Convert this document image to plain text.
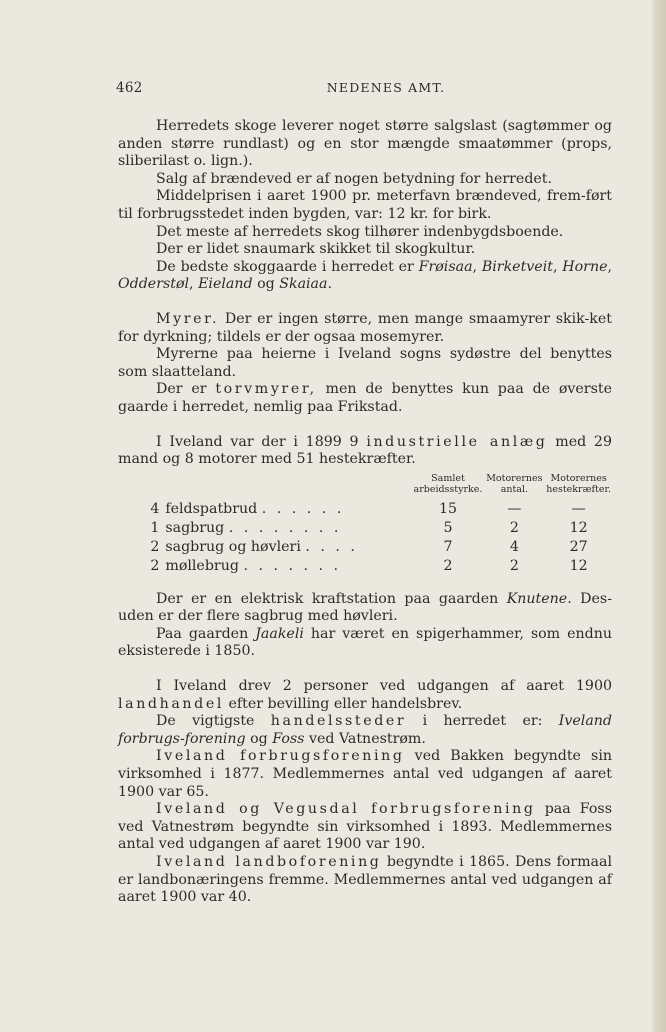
462	NEDENES AMT.

Herredets skoge leverer noget større salgslast (sagtømmer og anden større rundlast) og en stor mængde smaatømmer (props, sliberilast o. lign.).

Salg af brændeved er af nogen betydning for herredet.

Middelprisen i aaret 1900 pr. meterfavn brændeved, frem-ført til forbrugsstedet inden bygden, var: 12 kr. for birk.

Det meste af herredets skog tilhører indenbygdsboende.

Der er lidet snaumark skikket til skogkultur.

De bedste skoggaarde i herredet er Frøisaa, Birketveit, Horne, Odderstøl, Eieland og Skaiaa.

Myrer. Der er ingen større, men mange smaamyrer skik-ket for dyrkning; tildels er der ogsaa mosemyrer.

Myrerne paa heierne i Iveland sogns sydøstre del benyttes som slaatteland.

Der er torvmyrer, men de benyttes kun paa de øverste gaarde i herredet, nemlig paa Frikstad.

I Iveland var der i 1899 9 industrielle anlæg med 29 mand og 8 motorer med 51 hestekræfter.

		Samlet arbeidsstyrke.	Motorernes antal.	Motorernes hestekræfter.

4	feldspatbrud . . . . . .	15	—	—
1	sagbrug . . . . . . . .	5	2	12
2	sagbrug og høvleri . . . .	7	4	27
2	møllebrug . . . . . . .	2	2	12

Der er en elektrisk kraftstation paa gaarden Knutene. Des-uden er der flere sagbrug med høvleri.

Paa gaarden Jaakeli har været en spigerhammer, som endnu eksisterede i 1850.

I Iveland drev 2 personer ved udgangen af aaret 1900 landhandel efter bevilling eller handelsbrev.

De vigtigste handelssteder i herredet er: Iveland forbrugs-forening og Foss ved Vatnestrøm.

Iveland forbrugsforening ved Bakken begyndte sin virksomhed i 1877. Medlemmernes antal ved udgangen af aaret 1900 var 65.

Iveland og Vegusdal forbrugsforening paa Foss ved Vatnestrøm begyndte sin virksomhed i 1893. Medlemmernes antal ved udgangen af aaret 1900 var 190.

Iveland landboforening begyndte i 1865. Dens formaal er landbonæringens fremme. Medlemmernes antal ved udgangen af aaret 1900 var 40.
